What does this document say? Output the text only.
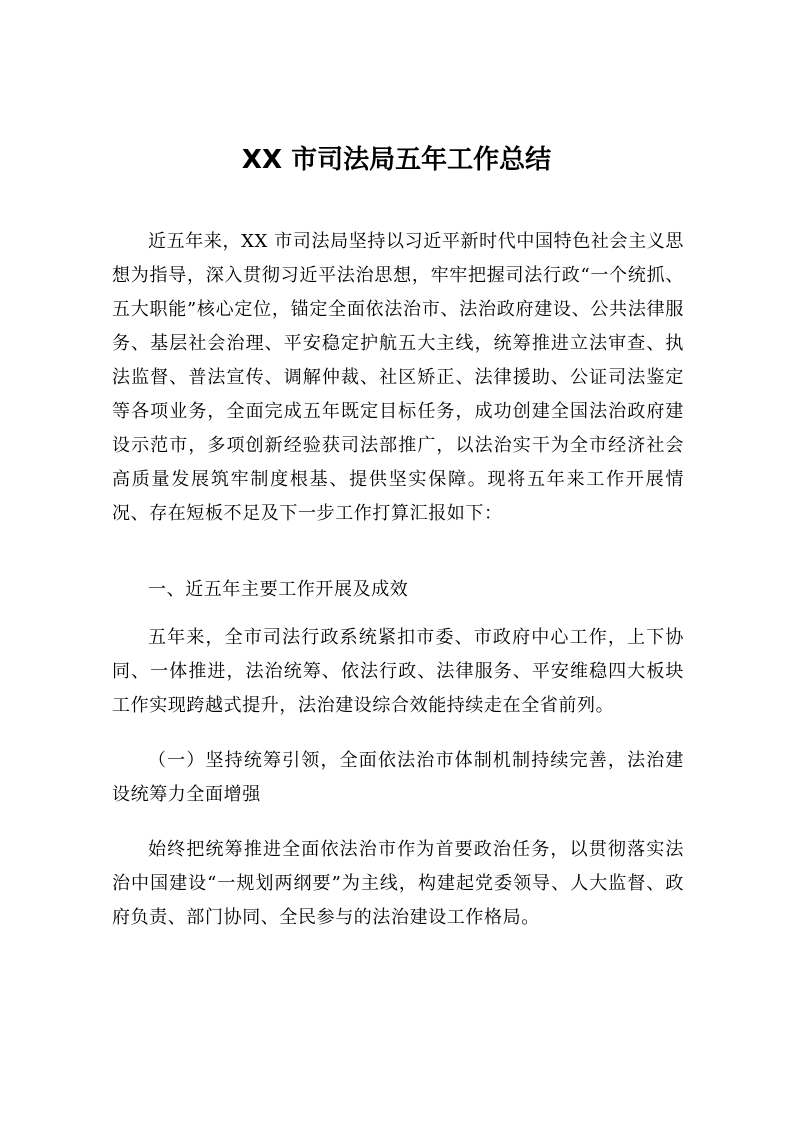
XX 市司法局五年工作总结

近五年来，XX 市司法局坚持以习近平新时代中国特色社会主义思想为指导，深入贯彻习近平法治思想，牢牢把握司法行政“一个统抓、五大职能”核心定位，锚定全面依法治市、法治政府建设、公共法律服务、基层社会治理、平安稳定护航五大主线，统筹推进立法审查、执法监督、普法宣传、调解仲裁、社区矫正、法律援助、公证司法鉴定等各项业务，全面完成五年既定目标任务，成功创建全国法治政府建设示范市，多项创新经验获司法部推广，以法治实干为全市经济社会高质量发展筑牢制度根基、提供坚实保障。现将五年来工作开展情况、存在短板不足及下一步工作打算汇报如下：

一、近五年主要工作开展及成效

五年来，全市司法行政系统紧扣市委、市政府中心工作，上下协同、一体推进，法治统筹、依法行政、法律服务、平安维稳四大板块工作实现跨越式提升，法治建设综合效能持续走在全省前列。

（一）坚持统筹引领，全面依法治市体制机制持续完善，法治建设统筹力全面增强

始终把统筹推进全面依法治市作为首要政治任务，以贯彻落实法治中国建设“一规划两纲要”为主线，构建起党委领导、人大监督、政府负责、部门协同、全民参与的法治建设工作格局。
